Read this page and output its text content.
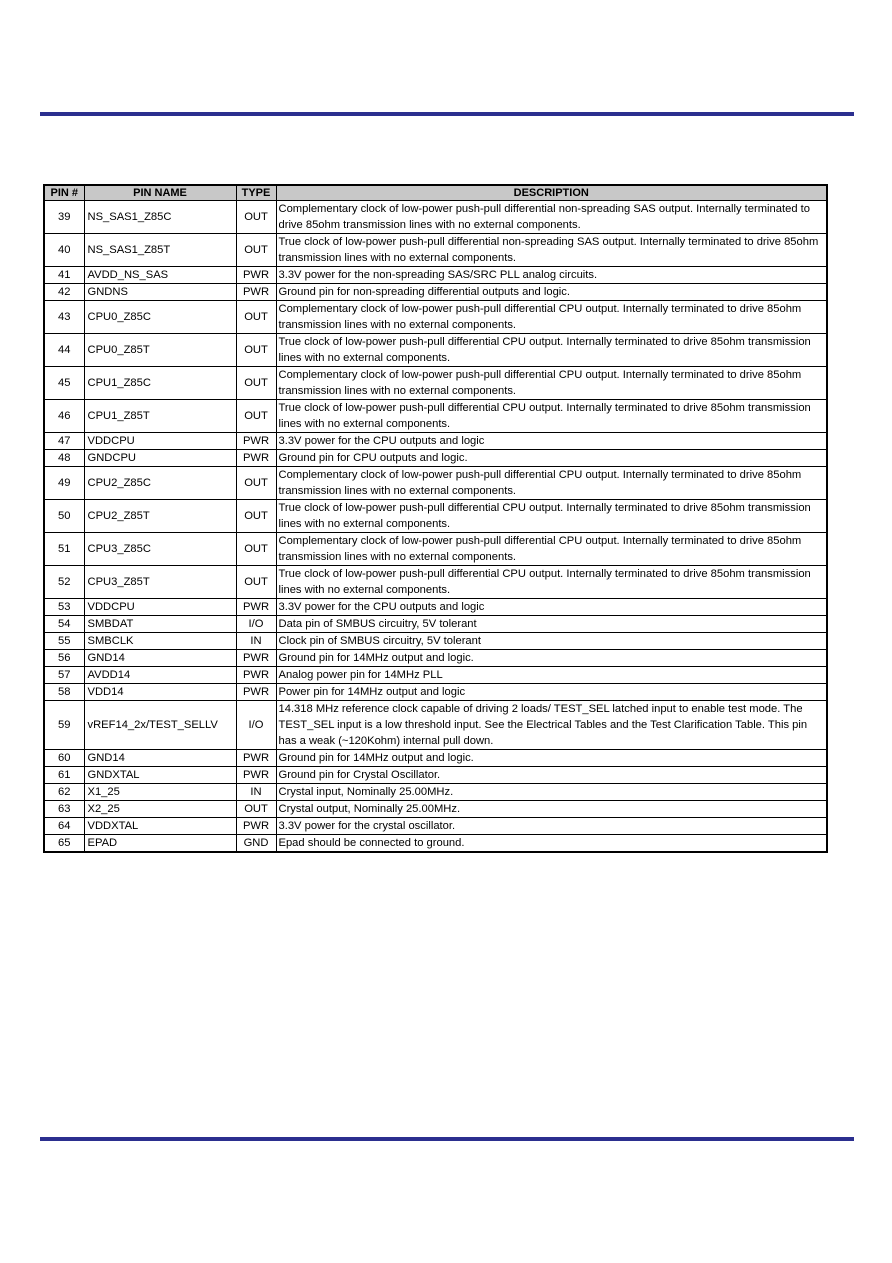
PIN #	PIN NAME	TYPE	DESCRIPTION
39	NS_SAS1_Z85C	OUT	Complementary clock of low-power push-pull differential non-spreading SAS output. Internally terminated to drive 85ohm transmission lines with no external components.
40	NS_SAS1_Z85T	OUT	True clock of low-power push-pull differential non-spreading SAS output. Internally terminated to drive 85ohm transmission lines with no external components.
41	AVDD_NS_SAS	PWR	3.3V power for the non-spreading SAS/SRC PLL analog circuits.
42	GNDNS	PWR	Ground pin for non-spreading differential outputs and logic.
43	CPU0_Z85C	OUT	Complementary clock of low-power push-pull differential CPU output. Internally terminated to drive 85ohm transmission lines with no external components.
44	CPU0_Z85T	OUT	True clock of low-power push-pull differential CPU output. Internally terminated to drive 85ohm transmission lines with no external components.
45	CPU1_Z85C	OUT	Complementary clock of low-power push-pull differential CPU output. Internally terminated to drive 85ohm transmission lines with no external components.
46	CPU1_Z85T	OUT	True clock of low-power push-pull differential CPU output. Internally terminated to drive 85ohm transmission lines with no external components.
47	VDDCPU	PWR	3.3V power for the CPU outputs and logic
48	GNDCPU	PWR	Ground pin for CPU outputs and logic.
49	CPU2_Z85C	OUT	Complementary clock of low-power push-pull differential CPU output. Internally terminated to drive 85ohm transmission lines with no external components.
50	CPU2_Z85T	OUT	True clock of low-power push-pull differential CPU output. Internally terminated to drive 85ohm transmission lines with no external components.
51	CPU3_Z85C	OUT	Complementary clock of low-power push-pull differential CPU output. Internally terminated to drive 85ohm transmission lines with no external components.
52	CPU3_Z85T	OUT	True clock of low-power push-pull differential CPU output. Internally terminated to drive 85ohm transmission lines with no external components.
53	VDDCPU	PWR	3.3V power for the CPU outputs and logic
54	SMBDAT	I/O	Data pin of SMBUS circuitry, 5V tolerant
55	SMBCLK	IN	Clock pin of SMBUS circuitry, 5V tolerant
56	GND14	PWR	Ground pin for 14MHz output and logic.
57	AVDD14	PWR	Analog power pin for 14MHz PLL
58	VDD14	PWR	Power pin for 14MHz output and logic
59	vREF14_2x/TEST_SELLV	I/O	14.318 MHz reference clock capable of driving 2 loads/ TEST_SEL latched input to enable test mode. The TEST_SEL input is a low threshold input. See the Electrical Tables and the Test Clarification Table. This pin has a weak (~120Kohm) internal pull down.
60	GND14	PWR	Ground pin for 14MHz output and logic.
61	GNDXTAL	PWR	Ground pin for Crystal Oscillator.
62	X1_25	IN	Crystal input, Nominally 25.00MHz.
63	X2_25	OUT	Crystal output, Nominally 25.00MHz.
64	VDDXTAL	PWR	3.3V power for the crystal oscillator.
65	EPAD	GND	Epad should be connected to ground.
